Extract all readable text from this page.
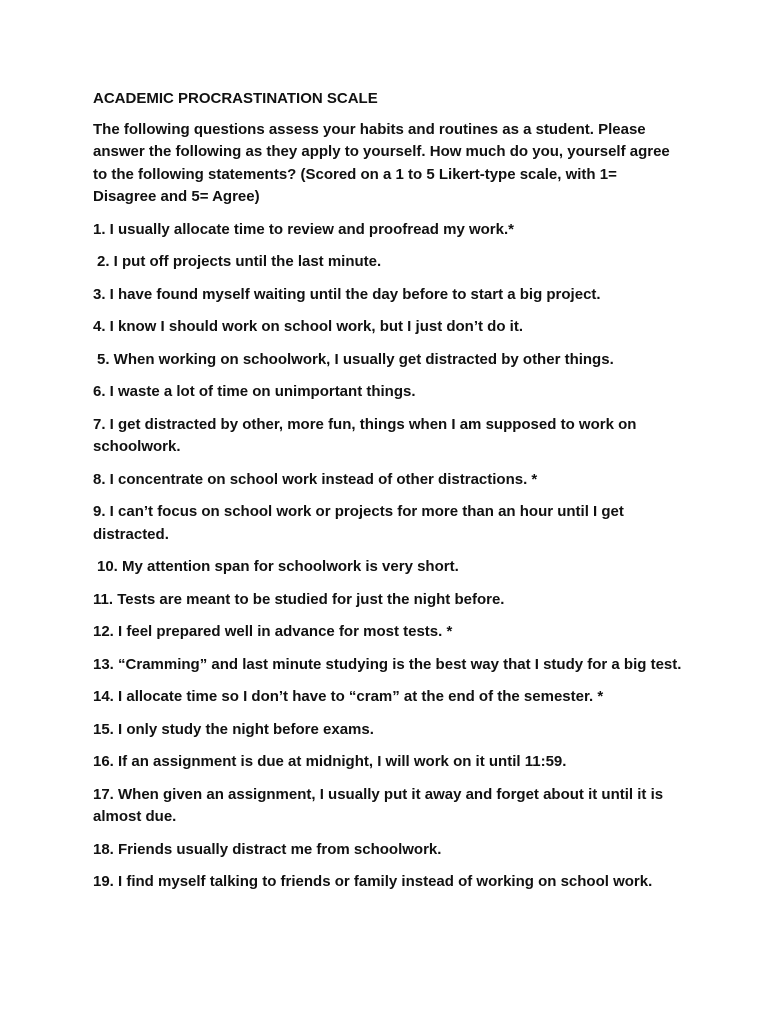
ACADEMIC PROCRASTINATION SCALE

The following questions assess your habits and routines as a student. Please answer the following as they apply to yourself. How much do you, yourself agree to the following statements? (Scored on a 1 to 5 Likert-type scale, with 1= Disagree and 5= Agree)

1. I usually allocate time to review and proofread my work.*

2. I put off projects until the last minute.

3. I have found myself waiting until the day before to start a big project.

4. I know I should work on school work, but I just don’t do it.

5. When working on schoolwork, I usually get distracted by other things.

6. I waste a lot of time on unimportant things.

7. I get distracted by other, more fun, things when I am supposed to work on schoolwork.

8. I concentrate on school work instead of other distractions. *

9. I can’t focus on school work or projects for more than an hour until I get distracted.

10. My attention span for schoolwork is very short.

11. Tests are meant to be studied for just the night before.

12. I feel prepared well in advance for most tests. *

13. “Cramming” and last minute studying is the best way that I study for a big test.

14. I allocate time so I don’t have to “cram” at the end of the semester. *

15. I only study the night before exams.

16. If an assignment is due at midnight, I will work on it until 11:59.

17. When given an assignment, I usually put it away and forget about it until it is almost due.

18. Friends usually distract me from schoolwork.

19. I find myself talking to friends or family instead of working on school work.
